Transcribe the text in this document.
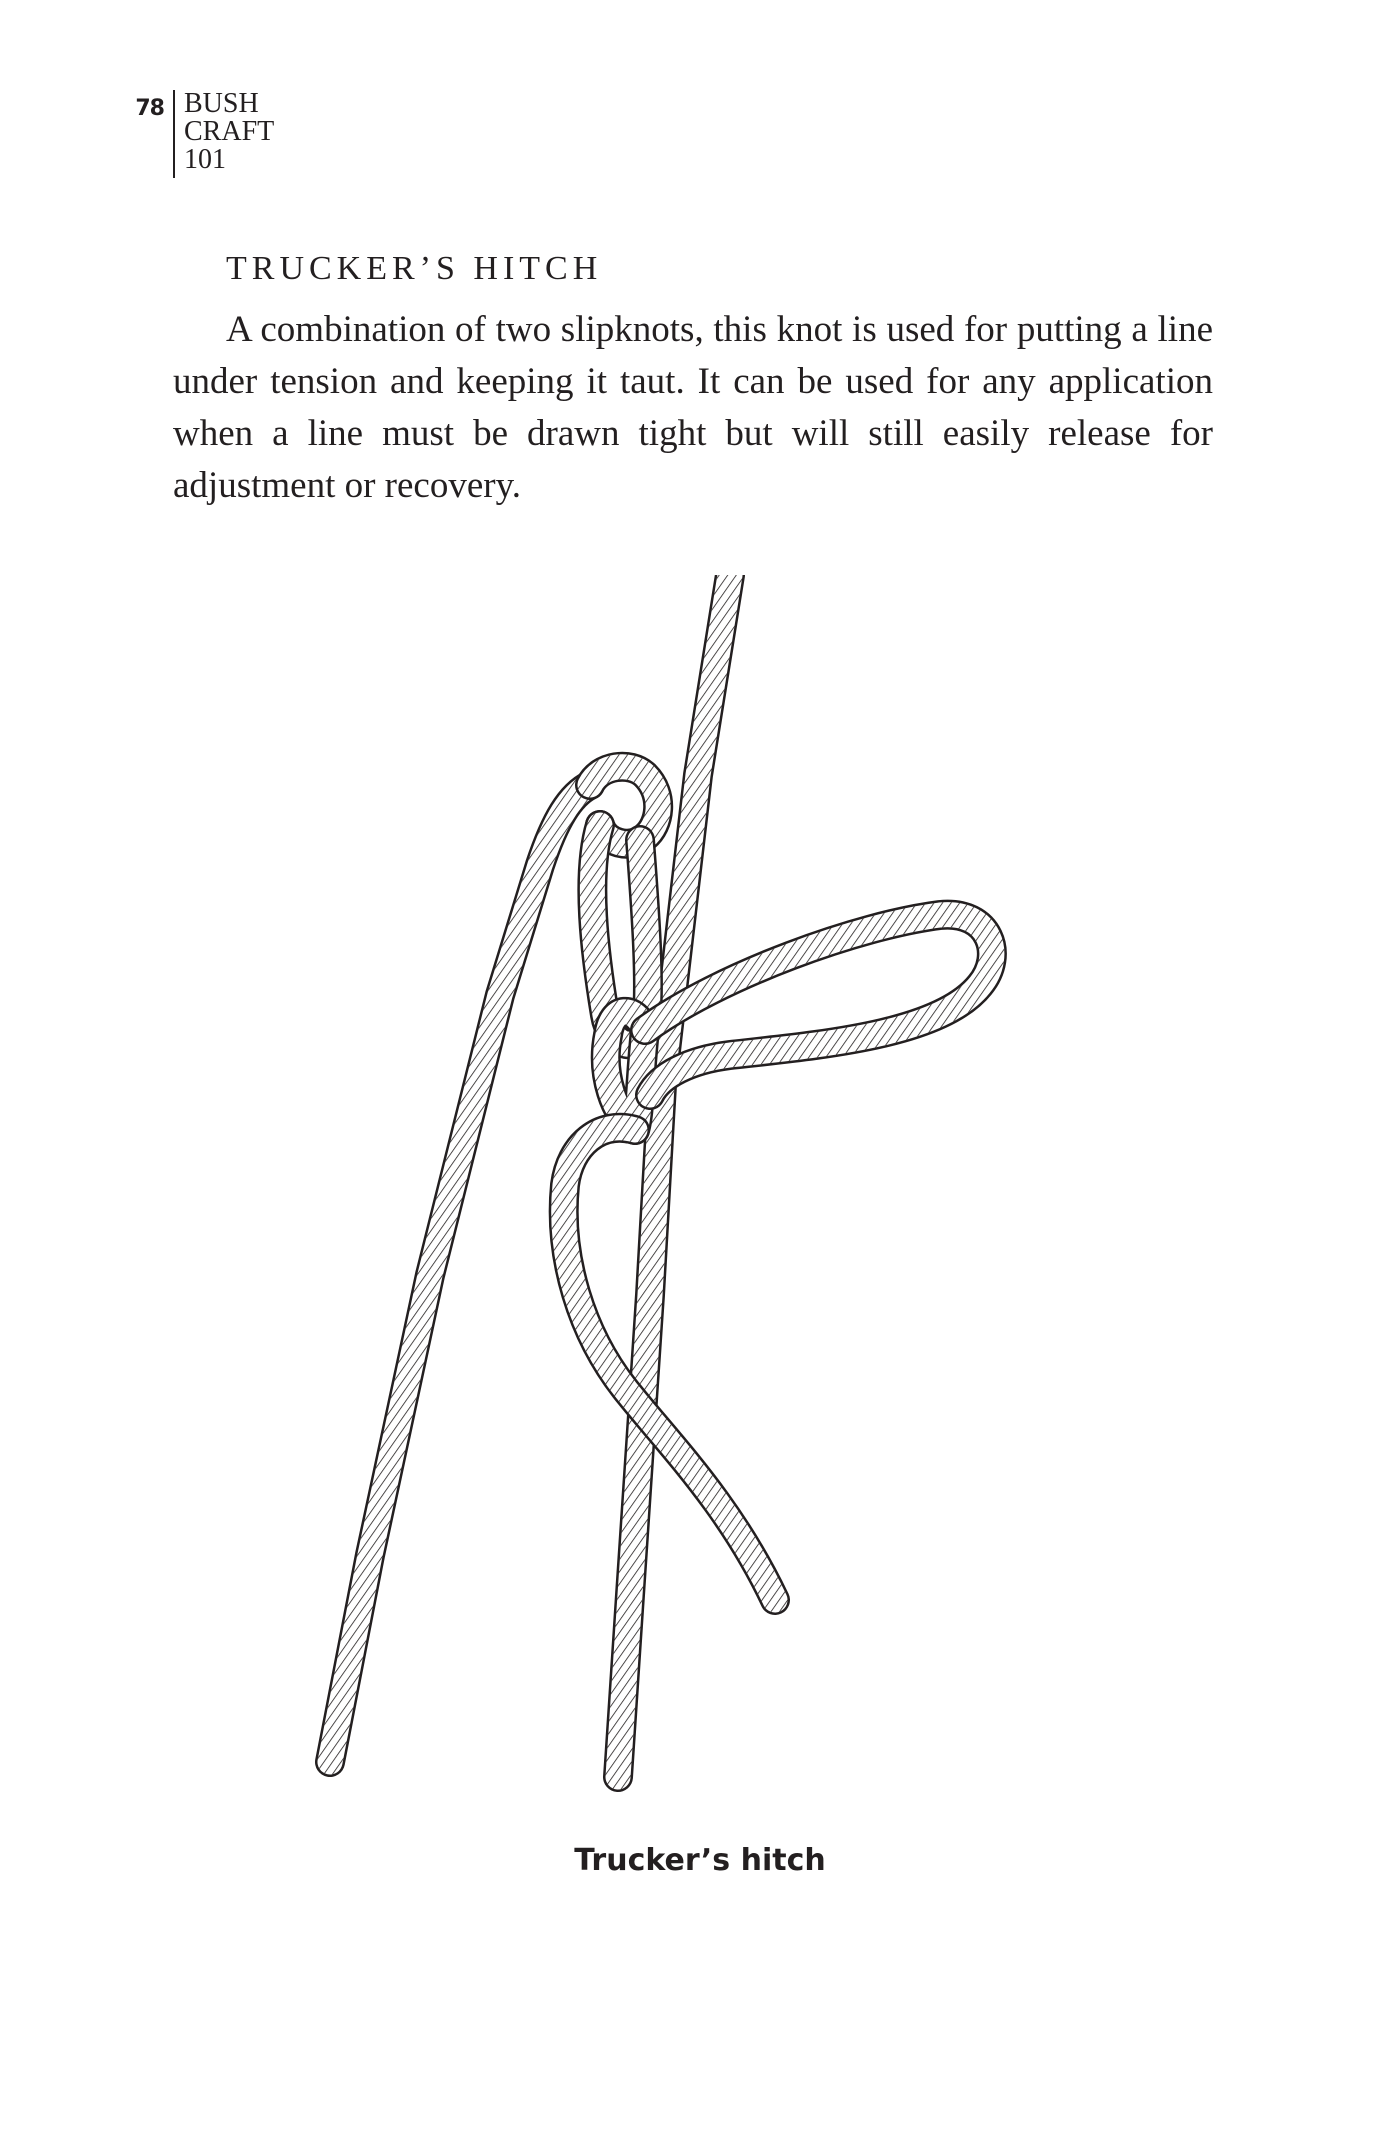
78 BUSH
CRAFT
101
TRUCKER’S HITCH

A combination of two slipknots, this knot is used for putting a line under tension and keeping it taut. It can be used for any application when a line must be drawn tight but will still easily release for adjustment or recovery.

Trucker’s hitch
